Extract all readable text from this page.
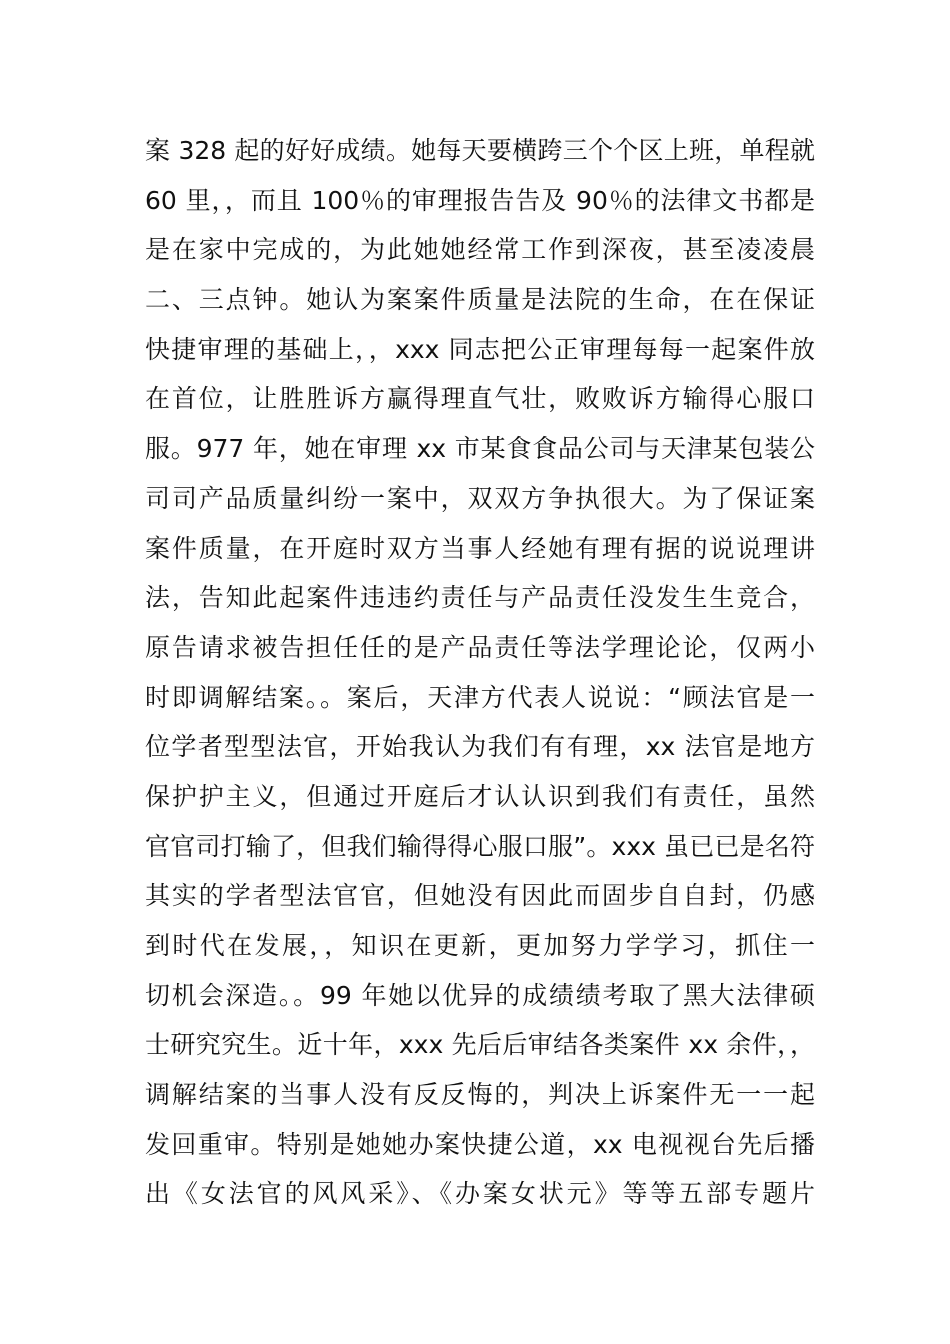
案 328 起的好好成绩。她每天要横跨三个个区上班，单程就
60 里，，而且 100％的审理报告告及 90％的法律文书都是
是在家中完成的，为此她她经常工作到深夜，甚至凌凌晨
二、三点钟。她认为案案件质量是法院的生命，在在保证
快捷审理的基础上，，xxx 同志把公正审理每每一起案件放
在首位，让胜胜诉方赢得理直气壮，败败诉方输得心服口
服。977 年，她在审理 xx 市某食食品公司与天津某包装公
司司产品质量纠纷一案中，双双方争执很大。为了保证案
案件质量，在开庭时双方当事人经她有理有据的说说理讲
法，告知此起案件违违约责任与产品责任没发生生竞合，
原告请求被告担任任的是产品责任等法学理论论，仅两小
时即调解结案。。案后，天津方代表人说说：“顾法官是一
位学者型型法官，开始我认为我们有有理，xx 法官是地方
保护护主义，但通过开庭后才认认识到我们有责任，虽然
官官司打输了，但我们输得得心服口服”。xxx 虽已已是名符
其实的学者型法官官，但她没有因此而固步自自封，仍感
到时代在发展，，知识在更新，更加努力学学习，抓住一
切机会深造。。99 年她以优异的成绩绩考取了黑大法律硕
士研究究生。近十年，xxx 先后后审结各类案件 xx 余件，，
调解结案的当事人没有反反悔的，判决上诉案件无一一起
发回重审。特别是她她办案快捷公道，xx 电视视台先后播
出《女法官的风风采》、《办案女状元》等等五部专题片
